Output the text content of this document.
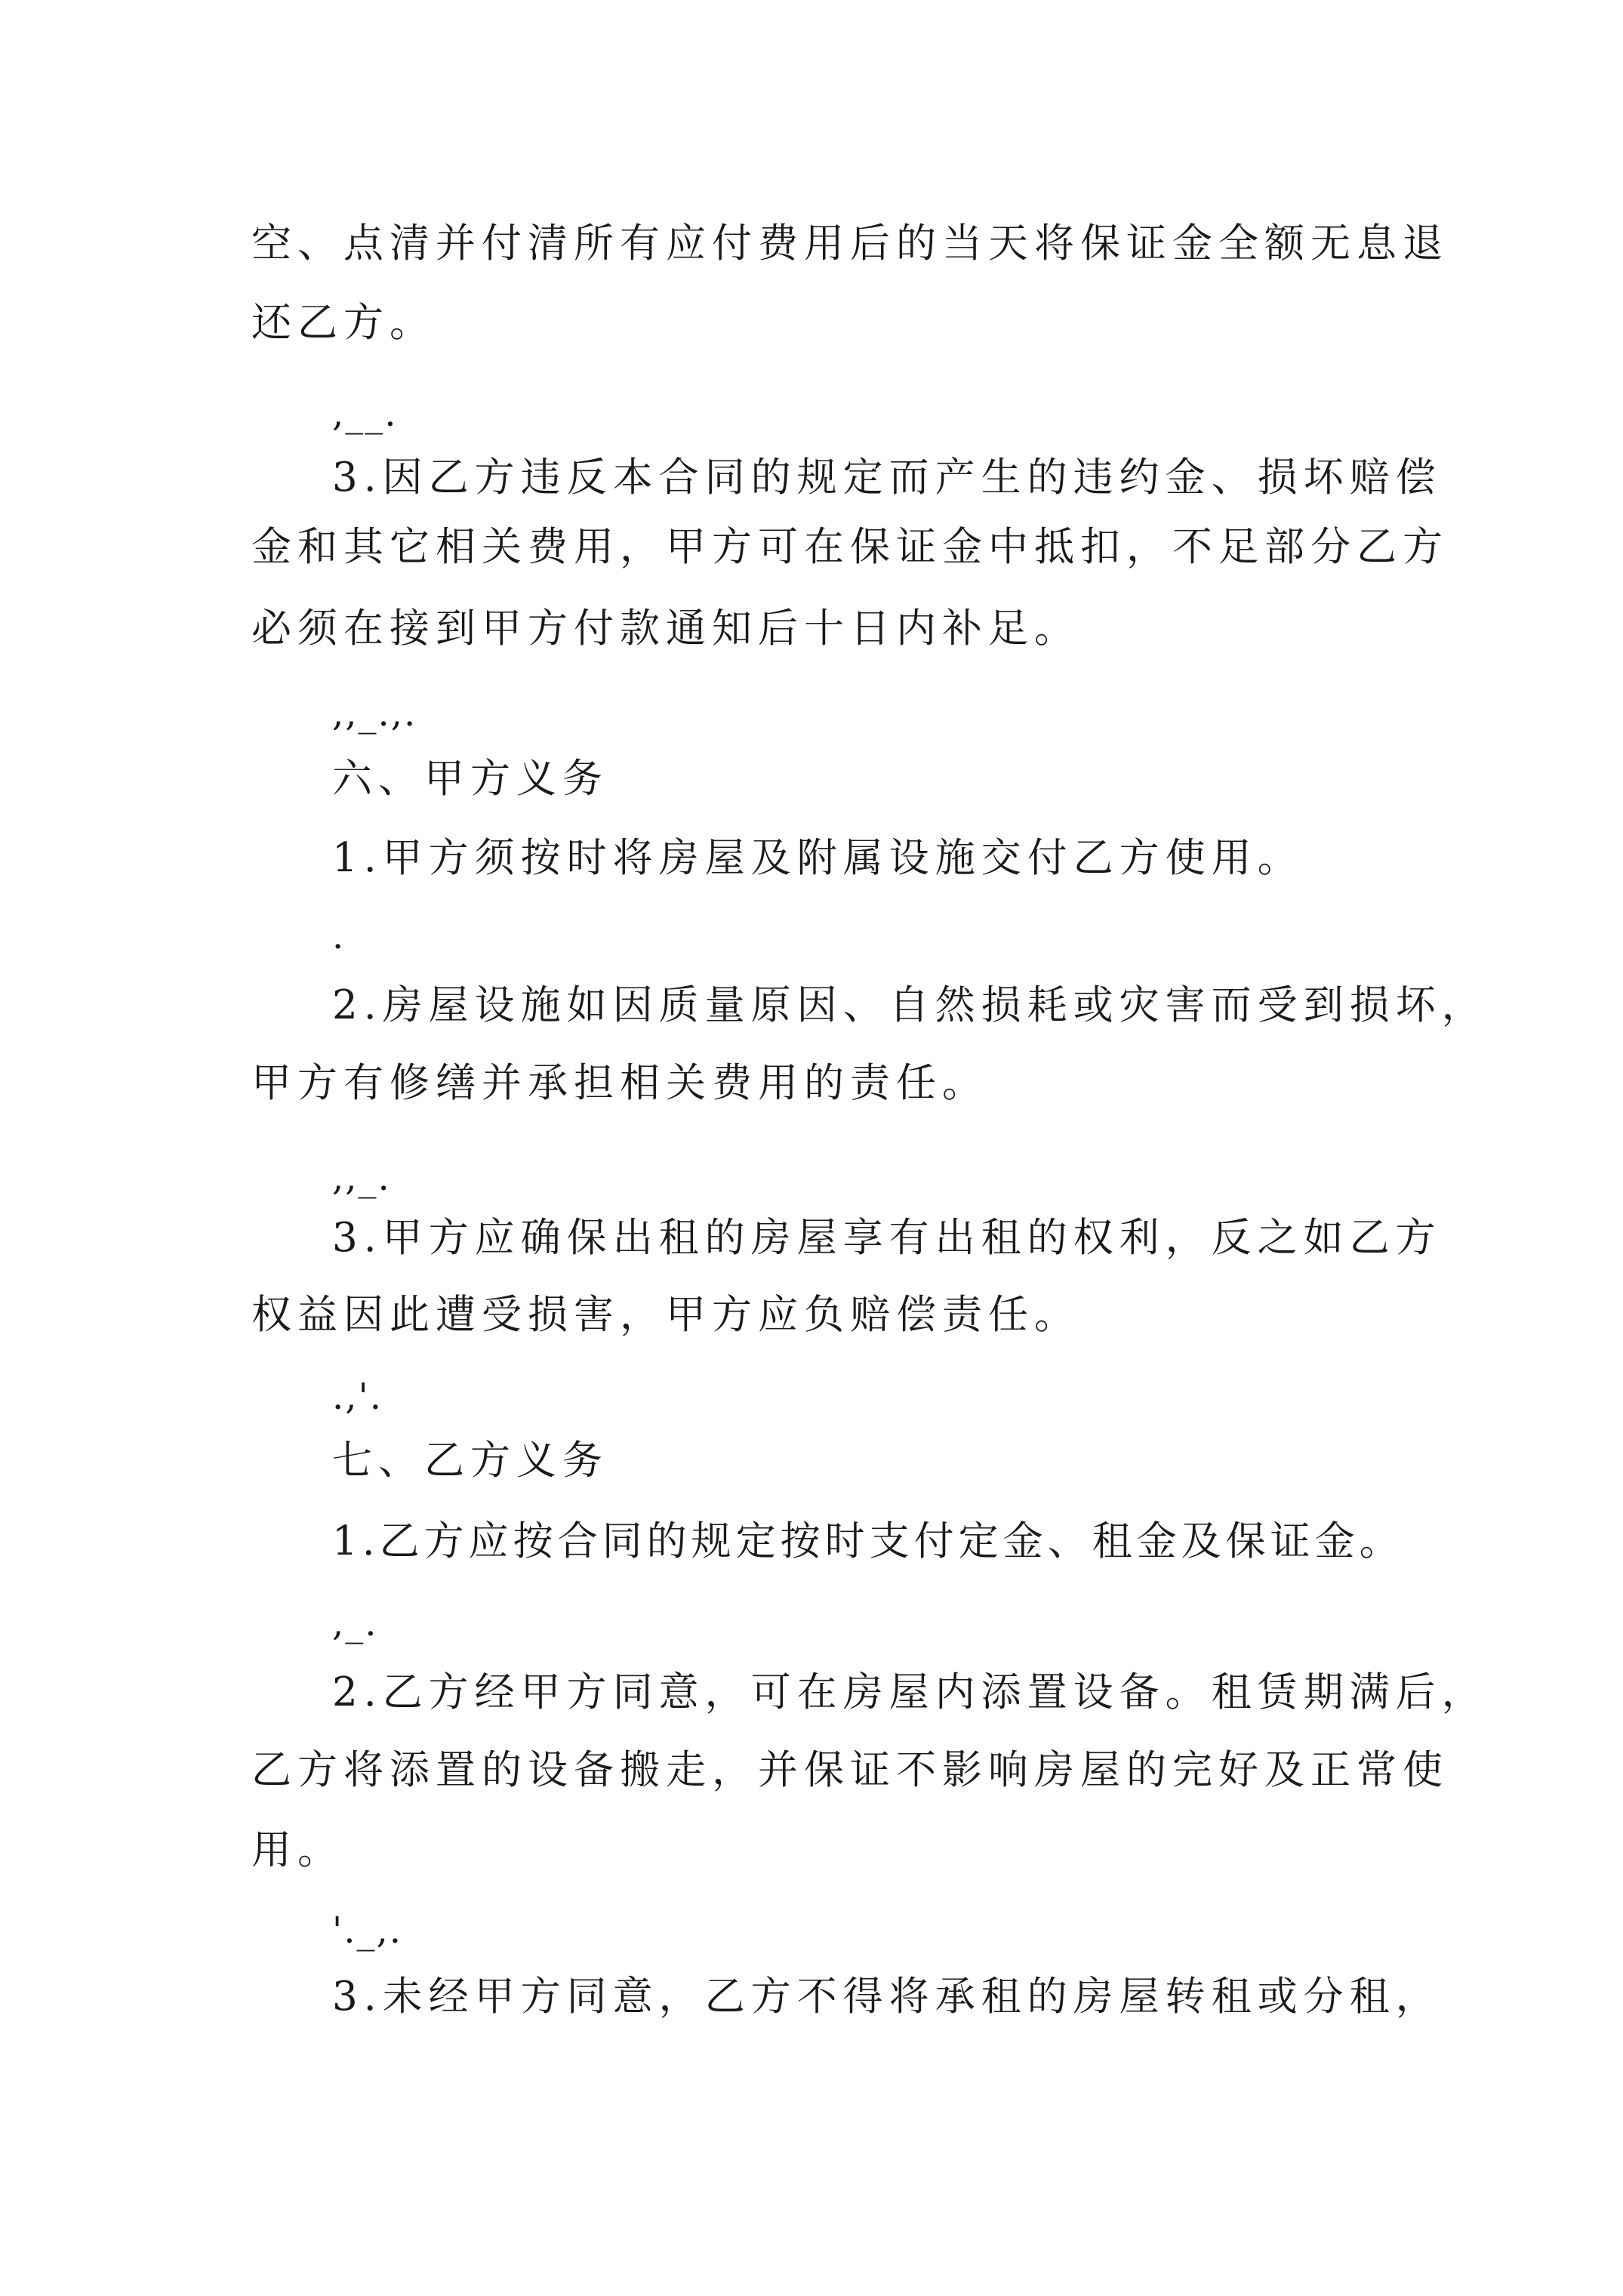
空、点清并付清所有应付费用后的当天将保证金全额无息退
还乙方。
,__.
3.因乙方违反本合同的规定而产生的违约金、损坏赔偿
金和其它相关费用，甲方可在保证金中抵扣，不足部分乙方
必须在接到甲方付款通知后十日内补足。
,,_.,.
六、甲方义务
1.甲方须按时将房屋及附属设施交付乙方使用。
.
2.房屋设施如因质量原因、自然损耗或灾害而受到损坏，
甲方有修缮并承担相关费用的责任。
,,_.
3.甲方应确保出租的房屋享有出租的权利，反之如乙方
权益因此遭受损害，甲方应负赔偿责任。
.,'.
七、乙方义务
1.乙方应按合同的规定按时支付定金、租金及保证金。
,_.
2.乙方经甲方同意，可在房屋内添置设备。租赁期满后，
乙方将添置的设备搬走，并保证不影响房屋的完好及正常使
用。
'._,.
3.未经甲方同意，乙方不得将承租的房屋转租或分租，
